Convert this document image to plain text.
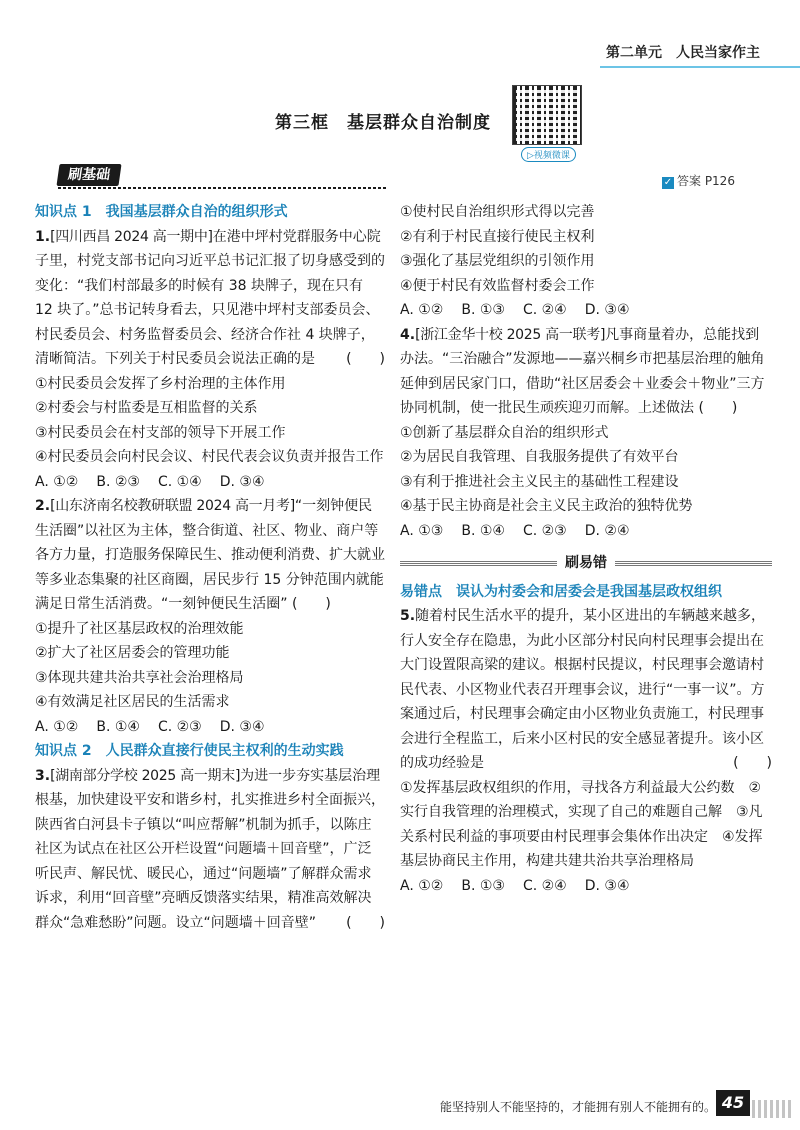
第二单元　人民当家作主
第三框　基层群众自治制度
▷视频微课
刷基础	✓ 答案 P126
知识点 1　我国基层群众自治的组织形式
1.[四川西昌 2024 高一期中]在港中坪村党群服务中心院子里，村党支部书记向习近平总书记汇报了切身感受到的变化：“我们村部最多的时候有 38 块牌子，现在只有 12 块了。”总书记转身看去，只见港中坪村支部委员会、村民委员会、村务监督委员会、经济合作社 4 块牌子，清晰简洁。下列关于村民委员会说法正确的是 (　　)
①村民委员会发挥了乡村治理的主体作用
②村委会与村监委是互相监督的关系
③村民委员会在村支部的领导下开展工作
④村民委员会向村民会议、村民代表会议负责并报告工作
A. ①② B. ②③ C. ①④ D. ③④
2.[山东济南名校教研联盟 2024 高一月考]“一刻钟便民生活圈”以社区为主体，整合街道、社区、物业、商户等各方力量，打造服务保障民生、推动便利消费、扩大就业等多业态集聚的社区商圈，居民步行 15 分钟范围内就能满足日常生活消费。“一刻钟便民生活圈” (　　)
①提升了社区基层政权的治理效能
②扩大了社区居委会的管理功能
③体现共建共治共享社会治理格局
④有效满足社区居民的生活需求
A. ①② B. ①④ C. ②③ D. ③④
知识点 2　人民群众直接行使民主权利的生动实践
3.[湖南部分学校 2025 高一期末]为进一步夯实基层治理根基，加快建设平安和谐乡村，扎实推进乡村全面振兴，陕西省白河县卡子镇以“叫应帮解”机制为抓手，以陈庄社区为试点在社区公开栏设置“问题墙＋回音壁”，广泛听民声、解民忧、暖民心，通过“问题墙”了解群众需求诉求，利用“回音壁”亮晒反馈落实结果，精准高效解决群众“急难愁盼”问题。设立“问题墙＋回音壁” (　　)
①使村民自治组织形式得以完善
②有利于村民直接行使民主权利
③强化了基层党组织的引领作用
④便于村民有效监督村委会工作
A. ①② B. ①③ C. ②④ D. ③④
4.[浙江金华十校 2025 高一联考]凡事商量着办，总能找到办法。“三治融合”发源地——嘉兴桐乡市把基层治理的触角延伸到居民家门口，借助“社区居委会＋业委会＋物业”三方协同机制，使一批民生顽疾迎刃而解。上述做法 (　　)
①创新了基层群众自治的组织形式
②为居民自我管理、自我服务提供了有效平台
③有利于推进社会主义民主的基础性工程建设
④基于民主协商是社会主义民主政治的独特优势
A. ①③ B. ①④ C. ②③ D. ②④
刷易错
易错点　 误认为村委会和居委会是我国基层政权组织
5.随着村民生活水平的提升，某小区进出的车辆越来越多，行人安全存在隐患，为此小区部分村民向村民理事会提出在大门设置限高梁的建议。根据村民提议，村民理事会邀请村民代表、小区物业代表召开理事会议，进行“一事一议”。方案通过后，村民理事会确定由小区物业负责施工，村民理事会进行全程监工，后来小区村民的安全感显著提升。该小区的成功经验是	(　　)
①发挥基层政权组织的作用，寻找各方利益最大公约数　②实行自我管理的治理模式，实现了自己的难题自己解　③凡关系村民利益的事项要由村民理事会集体作出决定　④发挥基层协商民主作用，构建共建共治共享治理格局
A. ①② B. ①③ C. ②④ D. ③④
能坚持别人不能坚持的，才能拥有别人不能拥有的。 45
